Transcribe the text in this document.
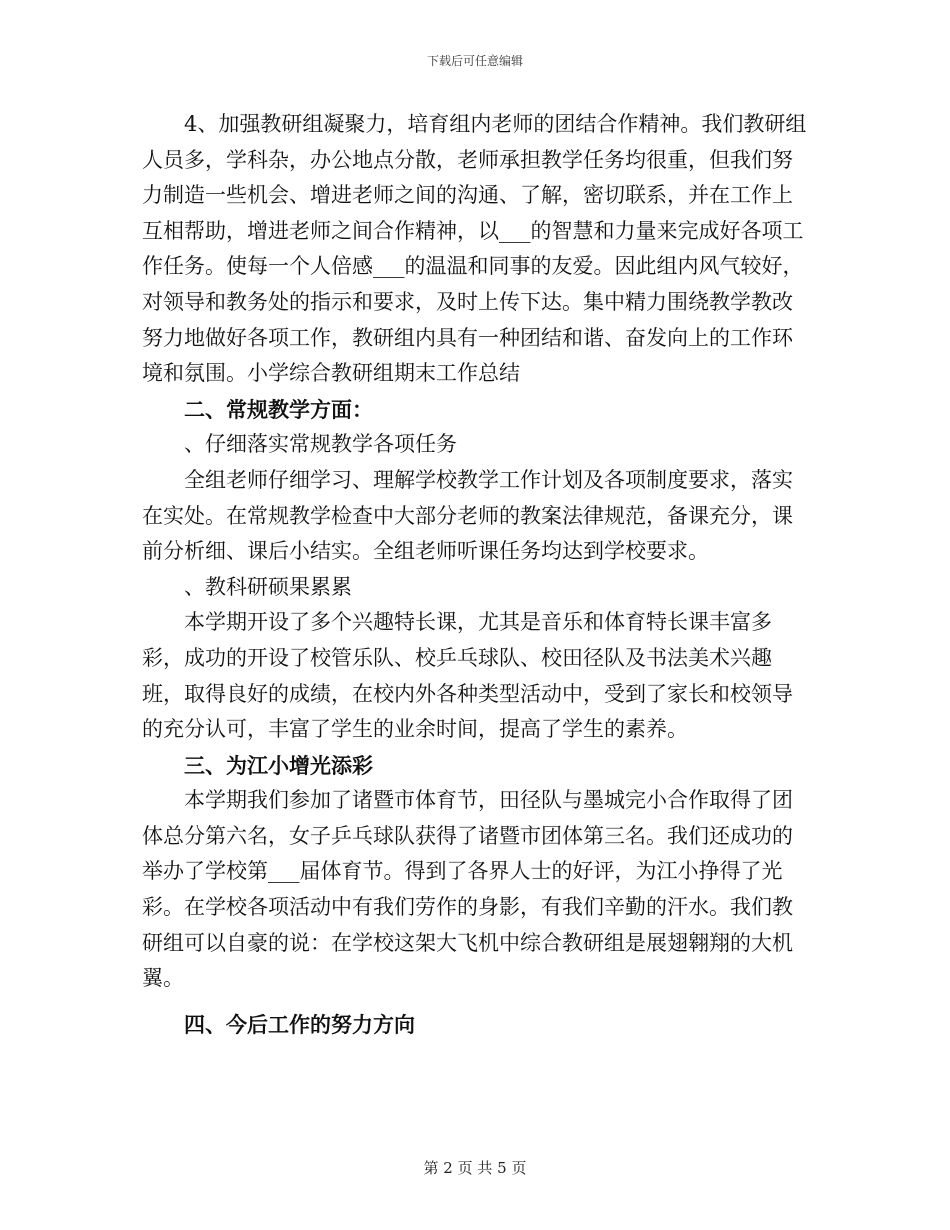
下载后可任意编辑

4、加强教研组凝聚力，培育组内老师的团结合作精神。我们教研组人员多，学科杂，办公地点分散，老师承担教学任务均很重，但我们努力制造一些机会、增进老师之间的沟通、了解，密切联系，并在工作上互相帮助，增进老师之间合作精神，以___的智慧和力量来完成好各项工作任务。使每一个人倍感___的温温和同事的友爱。因此组内风气较好，对领导和教务处的指示和要求，及时上传下达。集中精力围绕教学教改努力地做好各项工作，教研组内具有一种团结和谐、奋发向上的工作环境和氛围。小学综合教研组期末工作总结

二、常规教学方面：

、仔细落实常规教学各项任务

全组老师仔细学习、理解学校教学工作计划及各项制度要求，落实在实处。在常规教学检查中大部分老师的教案法律规范，备课充分，课前分析细、课后小结实。全组老师听课任务均达到学校要求。

、教科研硕果累累

本学期开设了多个兴趣特长课，尤其是音乐和体育特长课丰富多彩，成功的开设了校管乐队、校乒乓球队、校田径队及书法美术兴趣班，取得良好的成绩，在校内外各种类型活动中，受到了家长和校领导的充分认可，丰富了学生的业余时间，提高了学生的素养。

三、为江小增光添彩

本学期我们参加了诸暨市体育节，田径队与墨城完小合作取得了团体总分第六名，女子乒乓球队获得了诸暨市团体第三名。我们还成功的举办了学校第___届体育节。得到了各界人士的好评，为江小挣得了光彩。在学校各项活动中有我们劳作的身影，有我们辛勤的汗水。我们教研组可以自豪的说：在学校这架大飞机中综合教研组是展翅翱翔的大机翼。

四、今后工作的努力方向

第 2 页 共 5 页
